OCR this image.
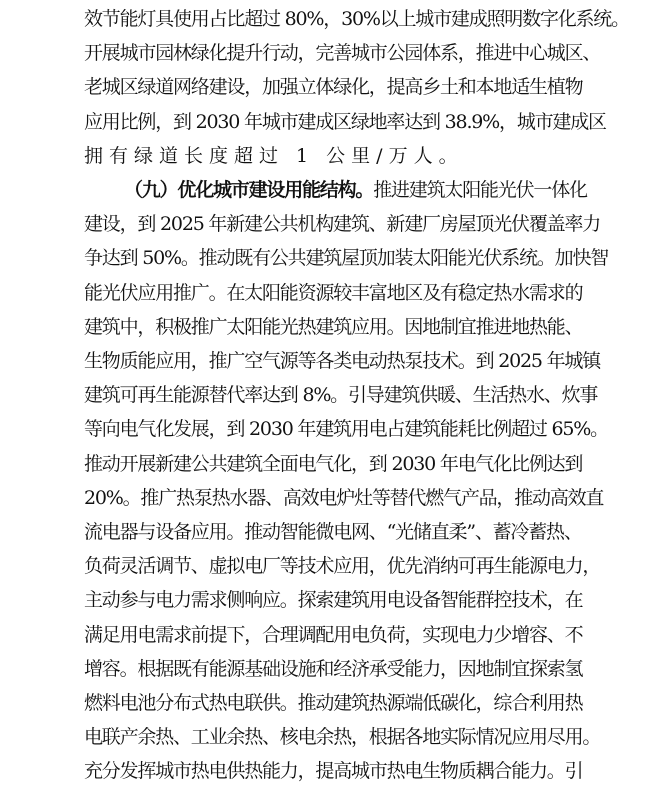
效节能灯具使用占比超过 80%，30%以上城市建成照明数字化系统。
开展城市园林绿化提升行动，完善城市公园体系，推进中心城区、
老城区绿道网络建设，加强立体绿化，提高乡土和本地适生植物
应用比例，到 2030 年城市建成区绿地率达到 38.9%，城市建成区
拥有绿道长度超过 1 公里/万人。
（九）优化城市建设用能结构。推进建筑太阳能光伏一体化
建设，到 2025 年新建公共机构建筑、新建厂房屋顶光伏覆盖率力
争达到 50%。推动既有公共建筑屋顶加装太阳能光伏系统。加快智
能光伏应用推广。在太阳能资源较丰富地区及有稳定热水需求的
建筑中，积极推广太阳能光热建筑应用。因地制宜推进地热能、
生物质能应用，推广空气源等各类电动热泵技术。到 2025 年城镇
建筑可再生能源替代率达到 8%。引导建筑供暖、生活热水、炊事
等向电气化发展，到 2030 年建筑用电占建筑能耗比例超过 65%。
推动开展新建公共建筑全面电气化，到 2030 年电气化比例达到
20%。推广热泵热水器、高效电炉灶等替代燃气产品，推动高效直
流电器与设备应用。推动智能微电网、“光储直柔”、蓄冷蓄热、
负荷灵活调节、虚拟电厂等技术应用，优先消纳可再生能源电力，
主动参与电力需求侧响应。探索建筑用电设备智能群控技术，在
满足用电需求前提下，合理调配用电负荷，实现电力少增容、不
增容。根据既有能源基础设施和经济承受能力，因地制宜探索氢
燃料电池分布式热电联供。推动建筑热源端低碳化，综合利用热
电联产余热、工业余热、核电余热，根据各地实际情况应用尽用。
充分发挥城市热电供热能力，提高城市热电生物质耦合能力。引
